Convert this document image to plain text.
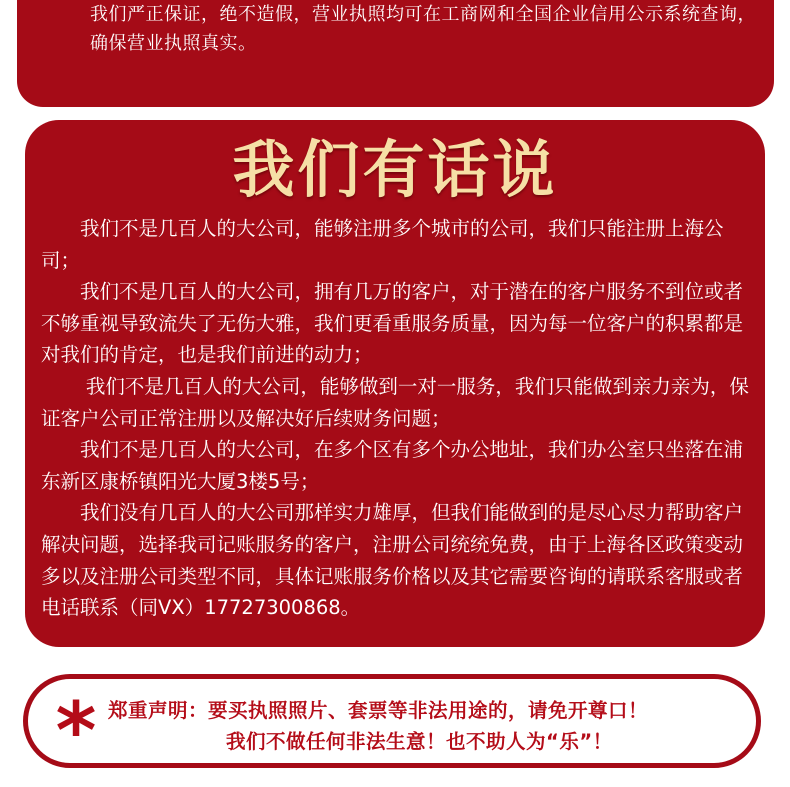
我们严正保证，绝不造假，营业执照均可在工商网和全国企业信用公示系统查询，确保营业执照真实。

我们有话说

我们不是几百人的大公司，能够注册多个城市的公司，我们只能注册上海公司；

我们不是几百人的大公司，拥有几万的客户，对于潜在的客户服务不到位或者不够重视导致流失了无伤大雅，我们更看重服务质量，因为每一位客户的积累都是对我们的肯定，也是我们前进的动力；

我们不是几百人的大公司，能够做到一对一服务，我们只能做到亲力亲为，保证客户公司正常注册以及解决好后续财务问题；

我们不是几百人的大公司，在多个区有多个办公地址，我们办公室只坐落在浦东新区康桥镇阳光大厦3楼5号；

我们没有几百人的大公司那样实力雄厚，但我们能做到的是尽心尽力帮助客户解决问题，选择我司记账服务的客户，注册公司统统免费，由于上海各区政策变动多以及注册公司类型不同，具体记账服务价格以及其它需要咨询的请联系客服或者电话联系（同VX）17727300868。

* 郑重声明：要买执照照片、套票等非法用途的，请免开尊口！
我们不做任何非法生意！也不助人为“乐”！
